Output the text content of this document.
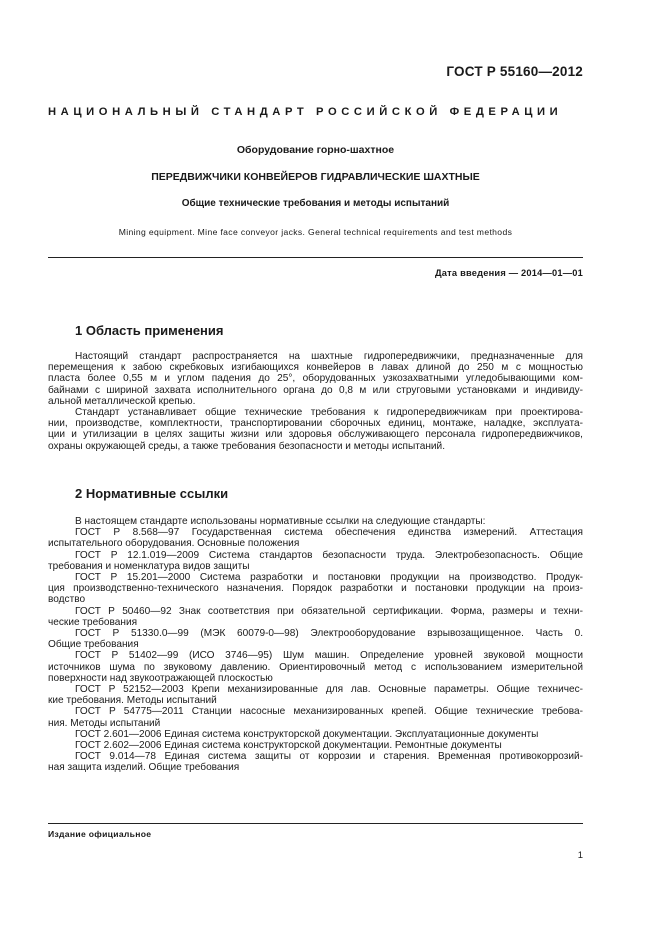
ГОСТ Р 55160—2012
НАЦИОНАЛЬНЫЙ СТАНДАРТ РОССИЙСКОЙ ФЕДЕРАЦИИ
Оборудование горно-шахтное
ПЕРЕДВИЖЧИКИ КОНВЕЙЕРОВ ГИДРАВЛИЧЕСКИЕ ШАХТНЫЕ
Общие технические требования и методы испытаний
Mining equipment. Mine face conveyor jacks. General technical requirements and test methods
Дата введения — 2014—01—01
1 Область применения
Настоящий стандарт распространяется на шахтные гидропередвижчики, предназначенные для
перемещения к забою скребковых изгибающихся конвейеров в лавах длиной до 250 м с мощностью
пласта более 0,55 м и углом падения до 25°, оборудованных узкозахватными угледобывающими ком-
байнами с шириной захвата исполнительного органа до 0,8 м или струговыми установками и индивиду-
альной металлической крепью.
Стандарт устанавливает общие технические требования к гидропередвижчикам при проектирова-
нии, производстве, комплектности, транспортировании сборочных единиц, монтаже, наладке, эксплуата-
ции и утилизации в целях защиты жизни или здоровья обслуживающего персонала гидропередвижчиков,
охраны окружающей среды, а также требования безопасности и методы испытаний.
2 Нормативные ссылки
В настоящем стандарте использованы нормативные ссылки на следующие стандарты:
ГОСТ Р 8.568—97 Государственная система обеспечения единства измерений. Аттестация
испытательного оборудования. Основные положения
ГОСТ Р 12.1.019—2009 Система стандартов безопасности труда. Электробезопасность. Общие
требования и номенклатура видов защиты
ГОСТ Р 15.201—2000 Система разработки и постановки продукции на производство. Продук-
ция производственно-технического назначения. Порядок разработки и постановки продукции на произ-
водство
ГОСТ Р 50460—92 Знак соответствия при обязательной сертификации. Форма, размеры и техни-
ческие требования
ГОСТ Р 51330.0—99 (МЭК 60079-0—98) Электрооборудование взрывозащищенное. Часть 0.
Общие требования
ГОСТ Р 51402—99 (ИСО 3746—95) Шум машин. Определение уровней звуковой мощности
источников шума по звуковому давлению. Ориентировочный метод с использованием измерительной
поверхности над звукоотражающей плоскостью
ГОСТ Р 52152—2003 Крепи механизированные для лав. Основные параметры. Общие техничес-
кие требования. Методы испытаний
ГОСТ Р 54775—2011 Станции насосные механизированных крепей. Общие технические требова-
ния. Методы испытаний
ГОСТ 2.601—2006 Единая система конструкторской документации. Эксплуатационные документы
ГОСТ 2.602—2006 Единая система конструкторской документации. Ремонтные документы
ГОСТ 9.014—78 Единая система защиты от коррозии и старения. Временная противокоррозий-
ная защита изделий. Общие требования
Издание официальное
1
